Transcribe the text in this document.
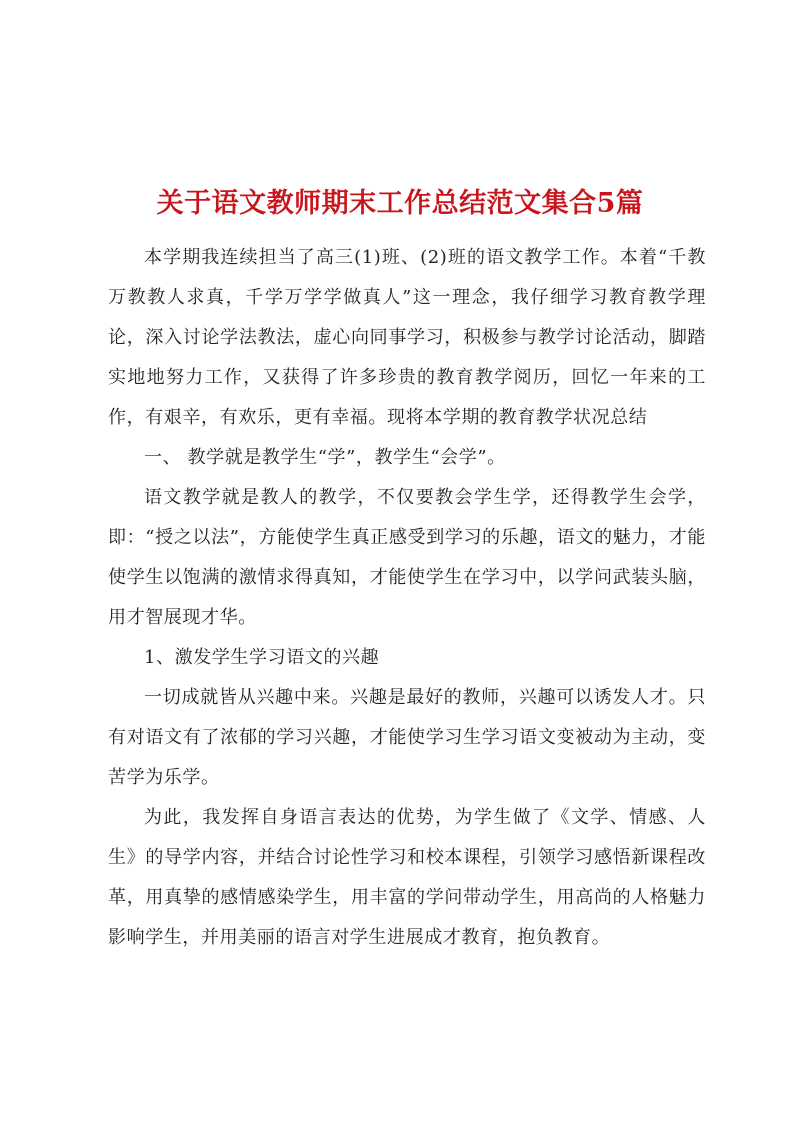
关于语文教师期末工作总结范文集合5篇

本学期我连续担当了高三(1)班、(2)班的语文教学工作。本着“千教万教教人求真，千学万学学做真人”这一理念，我仔细学习教育教学理论，深入讨论学法教法，虚心向同事学习，积极参与教学讨论活动，脚踏实地地努力工作，又获得了许多珍贵的教育教学阅历，回忆一年来的工作，有艰辛，有欢乐，更有幸福。现将本学期的教育教学状况总结

一、 教学就是教学生“学”，教学生“会学”。

语文教学就是教人的教学，不仅要教会学生学，还得教学生会学，即：“授之以法”，方能使学生真正感受到学习的乐趣，语文的魅力，才能使学生以饱满的激情求得真知，才能使学生在学习中，以学问武装头脑，用才智展现才华。

1、激发学生学习语文的兴趣

一切成就皆从兴趣中来。兴趣是最好的教师，兴趣可以诱发人才。只有对语文有了浓郁的学习兴趣，才能使学习生学习语文变被动为主动，变苦学为乐学。

为此，我发挥自身语言表达的优势，为学生做了《文学、情感、人生》的导学内容，并结合讨论性学习和校本课程，引领学习感悟新课程改革，用真挚的感情感染学生，用丰富的学问带动学生，用高尚的人格魅力影响学生，并用美丽的语言对学生进展成才教育，抱负教育。
